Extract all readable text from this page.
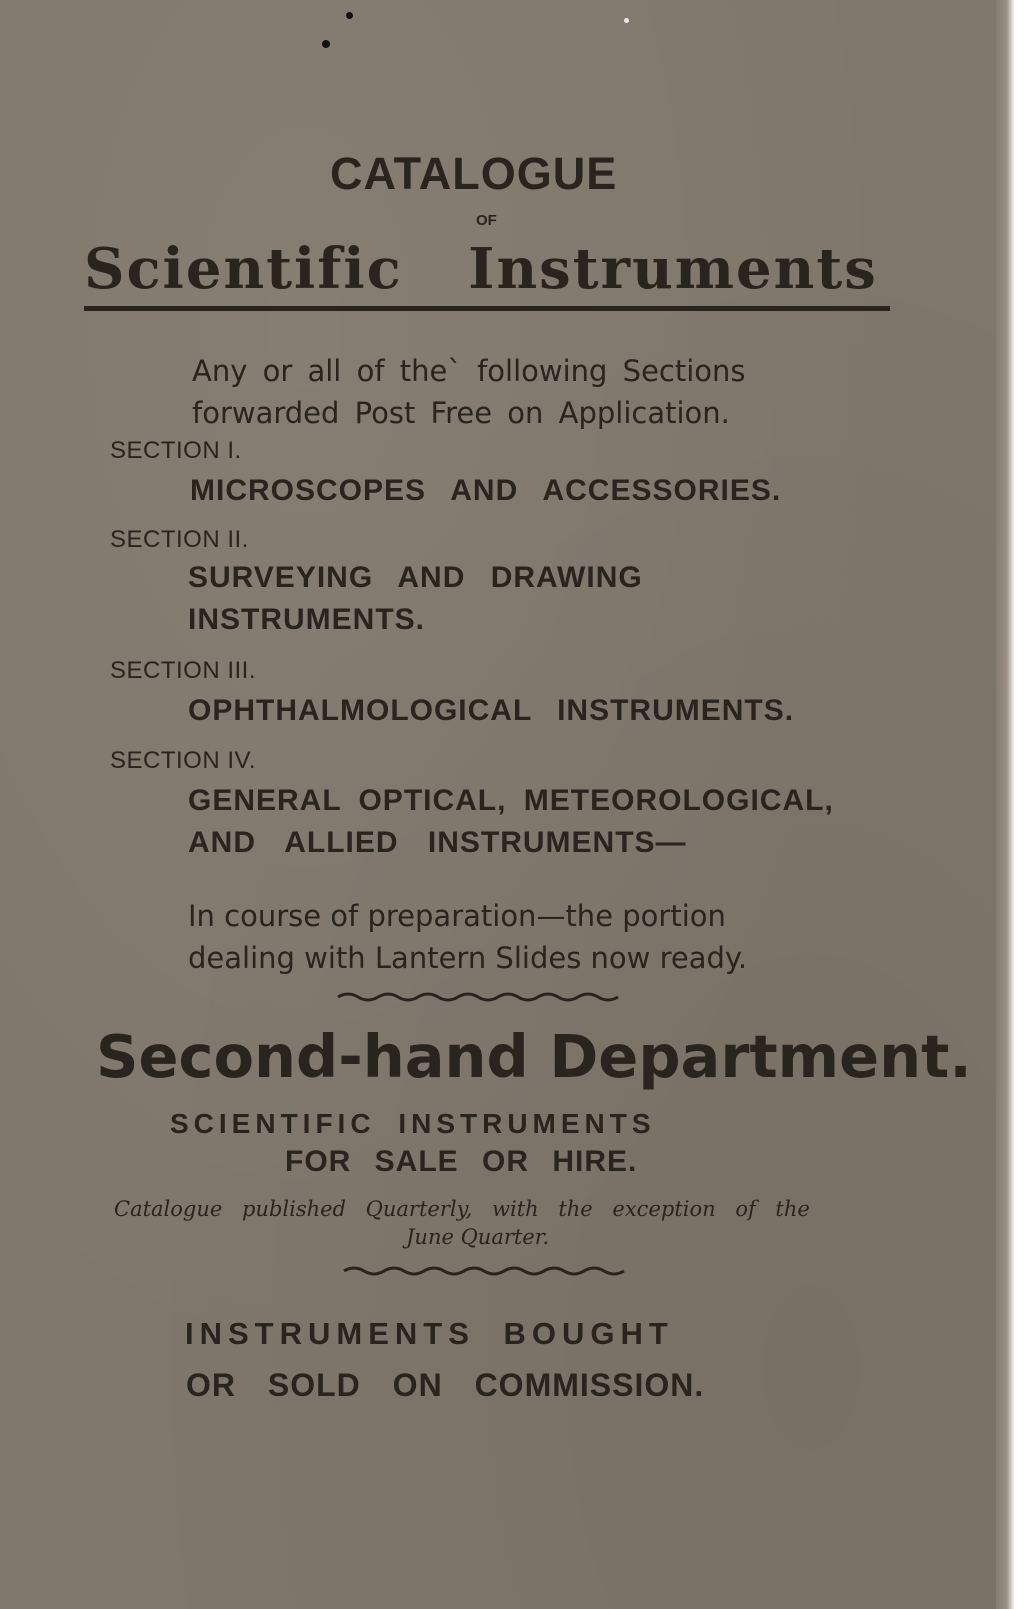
CATALOGUE
OF
Scientific Instruments
Any or all of the` following Sections
forwarded Post Free on Application.
SECTION I.
MICROSCOPES AND ACCESSORIES.
SECTION II.
SURVEYING AND DRAWING
INSTRUMENTS.
SECTION III.
OPHTHALMOLOGICAL INSTRUMENTS.
SECTION IV.
GENERAL OPTICAL, METEOROLOGICAL,
AND ALLIED INSTRUMENTS—
In course of preparation—the portion
dealing with Lantern Slides now ready.
Second-hand Department.
SCIENTIFIC INSTRUMENTS
FOR SALE OR HIRE.
Catalogue published Quarterly, with the exception of the
June Quarter.
INSTRUMENTS BOUGHT
OR SOLD ON COMMISSION.
